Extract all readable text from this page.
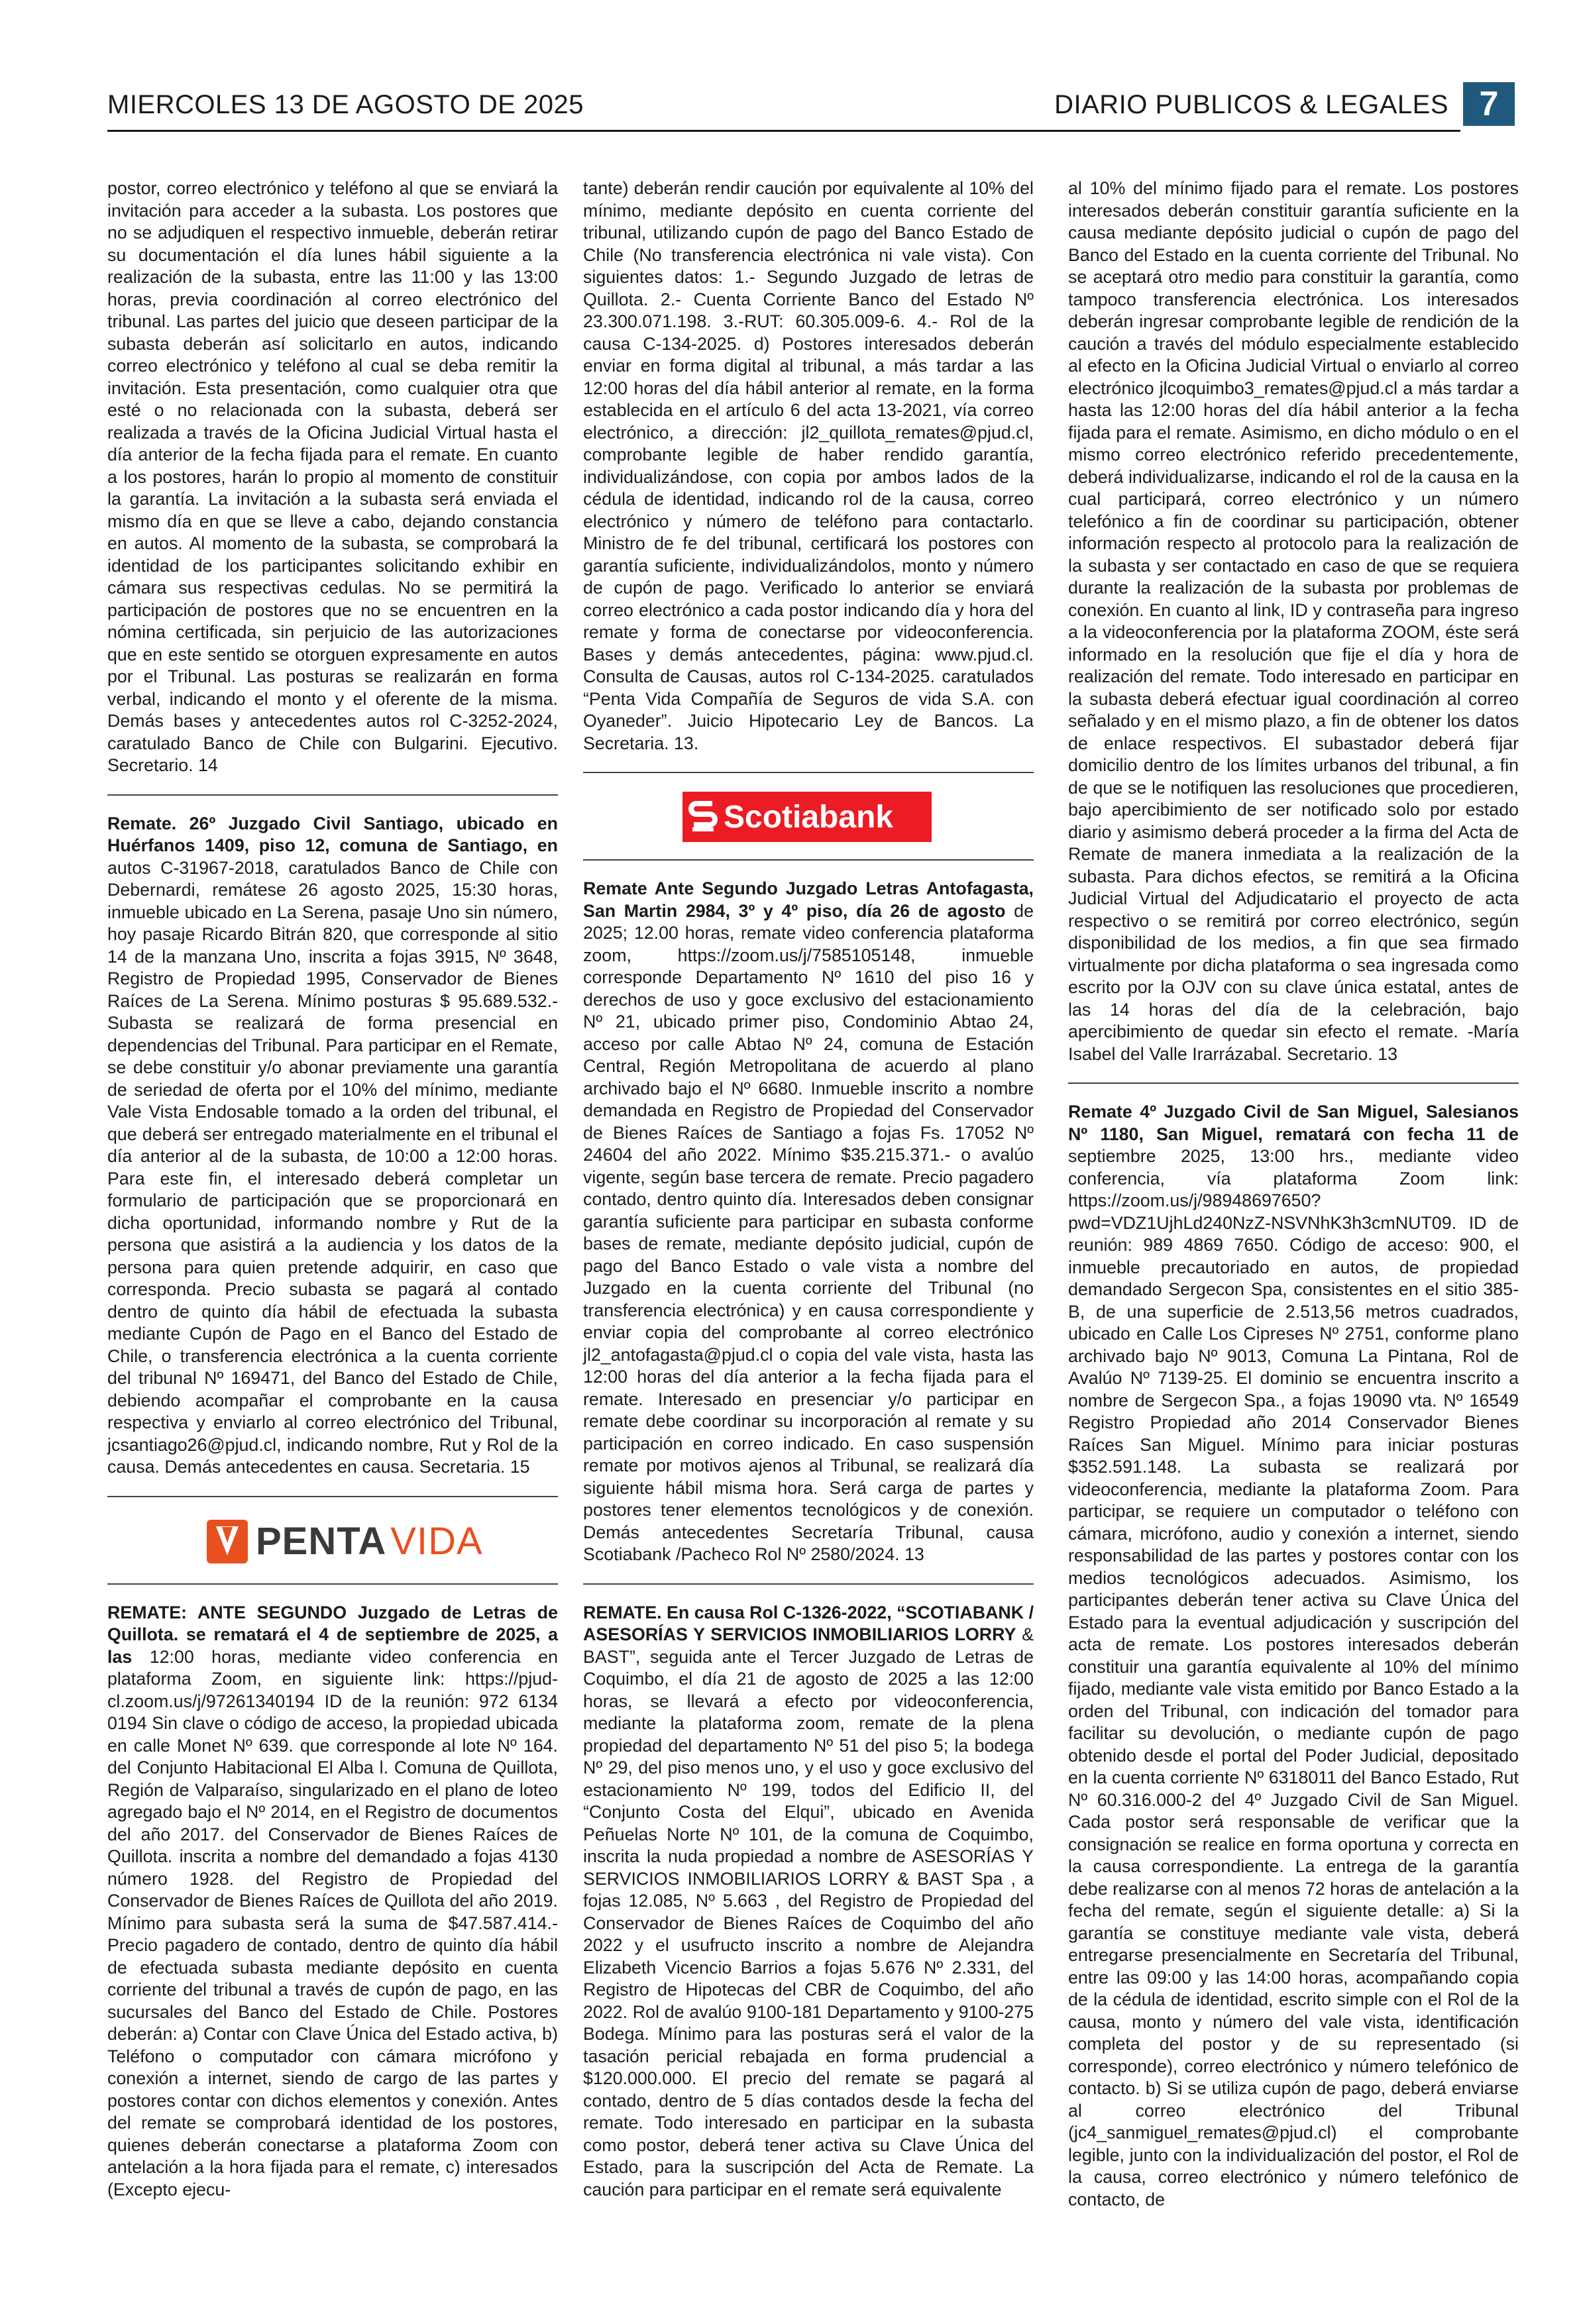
MIERCOLES 13 DE AGOSTO DE 2025	DIARIO PUBLICOS & LEGALES 7

postor, correo electrónico y teléfono al que se enviará la invitación para acceder a la subasta. Los postores que no se adjudiquen el respectivo inmueble, deberán retirar su documentación el día lunes hábil siguiente a la realización de la subasta, entre las 11:00 y las 13:00 horas, previa coordinación al correo electrónico del tribunal. Las partes del juicio que deseen participar de la subasta deberán así solicitarlo en autos, indicando correo electrónico y teléfono al cual se deba remitir la invitación. Esta presentación, como cualquier otra que esté o no relacionada con la subasta, deberá ser realizada a través de la Oficina Judicial Virtual hasta el día anterior de la fecha fijada para el remate. En cuanto a los postores, harán lo propio al momento de constituir la garantía. La invitación a la subasta será enviada el mismo día en que se lleve a cabo, dejando constancia en autos. Al momento de la subasta, se comprobará la identidad de los participantes solicitando exhibir en cámara sus respectivas cedulas. No se permitirá la participación de postores que no se encuentren en la nómina certificada, sin perjuicio de las autorizaciones que en este sentido se otorguen expresamente en autos por el Tribunal. Las posturas se realizarán en forma verbal, indicando el monto y el oferente de la misma. Demás bases y antecedentes autos rol C-3252-2024, caratulado Banco de Chile con Bulgarini. Ejecutivo. Secretario. 14

Remate. 26º Juzgado Civil Santiago, ubicado en Huérfanos 1409, piso 12, comuna de Santiago, en autos C-31967-2018, caratulados Banco de Chile con Debernardi, remátese 26 agosto 2025, 15:30 horas, inmueble ubicado en La Serena, pasaje Uno sin número, hoy pasaje Ricardo Bitrán 820, que corresponde al sitio 14 de la manzana Uno, inscrita a fojas 3915, Nº 3648, Registro de Propiedad 1995, Conservador de Bienes Raíces de La Serena. Mínimo posturas $ 95.689.532.- Subasta se realizará de forma presencial en dependencias del Tribunal. Para participar en el Remate, se debe constituir y/o abonar previamente una garantía de seriedad de oferta por el 10% del mínimo, mediante Vale Vista Endosable tomado a la orden del tribunal, el que deberá ser entregado materialmente en el tribunal el día anterior al de la subasta, de 10:00 a 12:00 horas. Para este fin, el interesado deberá completar un formulario de participación que se proporcionará en dicha oportunidad, informando nombre y Rut de la persona que asistirá a la audiencia y los datos de la persona para quien pretende adquirir, en caso que corresponda. Precio subasta se pagará al contado dentro de quinto día hábil de efectuada la subasta mediante Cupón de Pago en el Banco del Estado de Chile, o transferencia electrónica a la cuenta corriente del tribunal Nº 169471, del Banco del Estado de Chile, debiendo acompañar el comprobante en la causa respectiva y enviarlo al correo electrónico del Tribunal, jcsantiago26@pjud.cl, indicando nombre, Rut y Rol de la causa. Demás antecedentes en causa. Secretaria. 15

PENTA VIDA

REMATE: ANTE SEGUNDO Juzgado de Letras de Quillota. se rematará el 4 de septiembre de 2025, a las 12:00 horas, mediante video conferencia en plataforma Zoom, en siguiente link: https://pjud-cl.zoom.us/j/97261340194 ID de la reunión: 972 6134 0194 Sin clave o código de acceso, la propiedad ubicada en calle Monet Nº 639. que corresponde al lote Nº 164. del Conjunto Habitacional El Alba l. Comuna de Quillota, Región de Valparaíso, singularizado en el plano de loteo agregado bajo el Nº 2014, en el Registro de documentos del año 2017. del Conservador de Bienes Raíces de Quillota. inscrita a nombre del demandado a fojas 4130 número 1928. del Registro de Propiedad del Conservador de Bienes Raíces de Quillota del año 2019. Mínimo para subasta será la suma de $47.587.414.- Precio pagadero de contado, dentro de quinto día hábil de efectuada subasta mediante depósito en cuenta corriente del tribunal a través de cupón de pago, en las sucursales del Banco del Estado de Chile. Postores deberán: a) Contar con Clave Única del Estado activa, b) Teléfono o computador con cámara micrófono y conexión a internet, siendo de cargo de las partes y postores contar con dichos elementos y conexión. Antes del remate se comprobará identidad de los postores, quienes deberán conectarse a plataforma Zoom con antelación a la hora fijada para el remate, c) interesados (Excepto ejecu-

tante) deberán rendir caución por equivalente al 10% del mínimo, mediante depósito en cuenta corriente del tribunal, utilizando cupón de pago del Banco Estado de Chile (No transferencia electrónica ni vale vista). Con siguientes datos: 1.- Segundo Juzgado de letras de Quillota. 2.- Cuenta Corriente Banco del Estado Nº 23.300.071.198. 3.-RUT: 60.305.009-6. 4.- Rol de la causa C-134-2025. d) Postores interesados deberán enviar en forma digital al tribunal, a más tardar a las 12:00 horas del día hábil anterior al remate, en la forma establecida en el artículo 6 del acta 13-2021, vía correo electrónico, a dirección: jl2_quillota_remates@pjud.cl, comprobante legible de haber rendido garantía, individualizándose, con copia por ambos lados de la cédula de identidad, indicando rol de la causa, correo electrónico y número de teléfono para contactarlo. Ministro de fe del tribunal, certificará los postores con garantía suficiente, individualizándolos, monto y número de cupón de pago. Verificado lo anterior se enviará correo electrónico a cada postor indicando día y hora del remate y forma de conectarse por videoconferencia. Bases y demás antecedentes, página: www.pjud.cl. Consulta de Causas, autos rol C-134-2025. caratulados “Penta Vida Compañía de Seguros de vida S.A. con Oyaneder”. Juicio Hipotecario Ley de Bancos. La Secretaria. 13.

Scotiabank

Remate Ante Segundo Juzgado Letras Antofagasta, San Martin 2984, 3º y 4º piso, día 26 de agosto de 2025; 12.00 horas, remate video conferencia plataforma zoom, https://zoom.us/j/7585105148, inmueble corresponde Departamento Nº 1610 del piso 16 y derechos de uso y goce exclusivo del estacionamiento Nº 21, ubicado primer piso, Condominio Abtao 24, acceso por calle Abtao Nº 24, comuna de Estación Central, Región Metropolitana de acuerdo al plano archivado bajo el Nº 6680. Inmueble inscrito a nombre demandada en Registro de Propiedad del Conservador de Bienes Raíces de Santiago a fojas Fs. 17052 Nº 24604 del año 2022. Mínimo $35.215.371.- o avalúo vigente, según base tercera de remate. Precio pagadero contado, dentro quinto día. Interesados deben consignar garantía suficiente para participar en subasta conforme bases de remate, mediante depósito judicial, cupón de pago del Banco Estado o vale vista a nombre del Juzgado en la cuenta corriente del Tribunal (no transferencia electrónica) y en causa correspondiente y enviar copia del comprobante al correo electrónico jl2_antofagasta@pjud.cl o copia del vale vista, hasta las 12:00 horas del día anterior a la fecha fijada para el remate. Interesado en presenciar y/o participar en remate debe coordinar su incorporación al remate y su participación en correo indicado. En caso suspensión remate por motivos ajenos al Tribunal, se realizará día siguiente hábil misma hora. Será carga de partes y postores tener elementos tecnológicos y de conexión. Demás antecedentes Secretaría Tribunal, causa Scotiabank /Pacheco Rol Nº 2580/2024. 13

REMATE. En causa Rol C-1326-2022, “SCOTIABANK / ASESORÍAS Y SERVICIOS INMOBILIARIOS LORRY & BAST”, seguida ante el Tercer Juzgado de Letras de Coquimbo, el día 21 de agosto de 2025 a las 12:00 horas, se llevará a efecto por videoconferencia, mediante la plataforma zoom, remate de la plena propiedad del departamento Nº 51 del piso 5; la bodega Nº 29, del piso menos uno, y el uso y goce exclusivo del estacionamiento Nº 199, todos del Edificio II, del “Conjunto Costa del Elqui”, ubicado en Avenida Peñuelas Norte Nº 101, de la comuna de Coquimbo, inscrita la nuda propiedad a nombre de ASESORÍAS Y SERVICIOS INMOBILIARIOS LORRY & BAST Spa , a fojas 12.085, Nº 5.663 , del Registro de Propiedad del Conservador de Bienes Raíces de Coquimbo del año 2022 y el usufructo inscrito a nombre de Alejandra Elizabeth Vicencio Barrios a fojas 5.676 Nº 2.331, del Registro de Hipotecas del CBR de Coquimbo, del año 2022. Rol de avalúo 9100-181 Departamento y 9100-275 Bodega. Mínimo para las posturas será el valor de la tasación pericial rebajada en forma prudencial a $120.000.000. El precio del remate se pagará al contado, dentro de 5 días contados desde la fecha del remate. Todo interesado en participar en la subasta como postor, deberá tener activa su Clave Única del Estado, para la suscripción del Acta de Remate. La caución para participar en el remate será equivalente

al 10% del mínimo fijado para el remate. Los postores interesados deberán constituir garantía suficiente en la causa mediante depósito judicial o cupón de pago del Banco del Estado en la cuenta corriente del Tribunal. No se aceptará otro medio para constituir la garantía, como tampoco transferencia electrónica. Los interesados deberán ingresar comprobante legible de rendición de la caución a través del módulo especialmente establecido al efecto en la Oficina Judicial Virtual o enviarlo al correo electrónico jlcoquimbo3_remates@pjud.cl a más tardar a hasta las 12:00 horas del día hábil anterior a la fecha fijada para el remate. Asimismo, en dicho módulo o en el mismo correo electrónico referido precedentemente, deberá individualizarse, indicando el rol de la causa en la cual participará, correo electrónico y un número telefónico a fin de coordinar su participación, obtener información respecto al protocolo para la realización de la subasta y ser contactado en caso de que se requiera durante la realización de la subasta por problemas de conexión. En cuanto al link, ID y contraseña para ingreso a la videoconferencia por la plataforma ZOOM, éste será informado en la resolución que fije el día y hora de realización del remate. Todo interesado en participar en la subasta deberá efectuar igual coordinación al correo señalado y en el mismo plazo, a fin de obtener los datos de enlace respectivos. El subastador deberá fijar domicilio dentro de los límites urbanos del tribunal, a fin de que se le notifiquen las resoluciones que procedieren, bajo apercibimiento de ser notificado solo por estado diario y asimismo deberá proceder a la firma del Acta de Remate de manera inmediata a la realización de la subasta. Para dichos efectos, se remitirá a la Oficina Judicial Virtual del Adjudicatario el proyecto de acta respectivo o se remitirá por correo electrónico, según disponibilidad de los medios, a fin que sea firmado virtualmente por dicha plataforma o sea ingresada como escrito por la OJV con su clave única estatal, antes de las 14 horas del día de la celebración, bajo apercibimiento de quedar sin efecto el remate. -María Isabel del Valle Irarrázabal. Secretario. 13

Remate 4º Juzgado Civil de San Miguel, Salesianos Nº 1180, San Miguel, rematará con fecha 11 de septiembre 2025, 13:00 hrs., mediante video conferencia, vía plataforma Zoom link: https://zoom.us/j/98948697650?pwd=VDZ1UjhLd240NzZ-NSVNhK3h3cmNUT09. ID de reunión: 989 4869 7650. Código de acceso: 900, el inmueble precautoriado en autos, de propiedad demandado Sergecon Spa, consistentes en el sitio 385-B, de una superficie de 2.513,56 metros cuadrados, ubicado en Calle Los Cipreses Nº 2751, conforme plano archivado bajo Nº 9013, Comuna La Pintana, Rol de Avalúo Nº 7139-25. El dominio se encuentra inscrito a nombre de Sergecon Spa., a fojas 19090 vta. Nº 16549 Registro Propiedad año 2014 Conservador Bienes Raíces San Miguel. Mínimo para iniciar posturas $352.591.148. La subasta se realizará por videoconferencia, mediante la plataforma Zoom. Para participar, se requiere un computador o teléfono con cámara, micrófono, audio y conexión a internet, siendo responsabilidad de las partes y postores contar con los medios tecnológicos adecuados. Asimismo, los participantes deberán tener activa su Clave Única del Estado para la eventual adjudicación y suscripción del acta de remate. Los postores interesados deberán constituir una garantía equivalente al 10% del mínimo fijado, mediante vale vista emitido por Banco Estado a la orden del Tribunal, con indicación del tomador para facilitar su devolución, o mediante cupón de pago obtenido desde el portal del Poder Judicial, depositado en la cuenta corriente Nº 6318011 del Banco Estado, Rut Nº 60.316.000-2 del 4º Juzgado Civil de San Miguel. Cada postor será responsable de verificar que la consignación se realice en forma oportuna y correcta en la causa correspondiente. La entrega de la garantía debe realizarse con al menos 72 horas de antelación a la fecha del remate, según el siguiente detalle: a) Si la garantía se constituye mediante vale vista, deberá entregarse presencialmente en Secretaría del Tribunal, entre las 09:00 y las 14:00 horas, acompañando copia de la cédula de identidad, escrito simple con el Rol de la causa, monto y número del vale vista, identificación completa del postor y de su representado (si corresponde), correo electrónico y número telefónico de contacto. b) Si se utiliza cupón de pago, deberá enviarse al correo electrónico del Tribunal (jc4_sanmiguel_remates@pjud.cl) el comprobante legible, junto con la individualización del postor, el Rol de la causa, correo electrónico y número telefónico de contacto, de
